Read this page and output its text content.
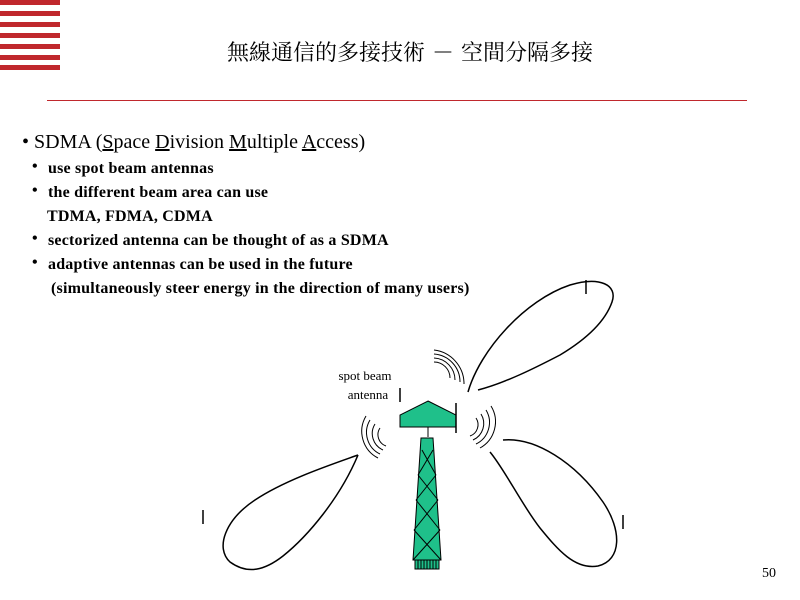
無線通信的多接技術 － 空間分隔多接
• SDMA (Space Division Multiple Access)
• use spot beam antennas
• the different beam area can use
TDMA, FDMA, CDMA
• sectorized antenna can be thought of as a SDMA
• adaptive antennas can be used in the future
(simultaneously steer energy in the direction of many users)
spot beam
antenna
50
